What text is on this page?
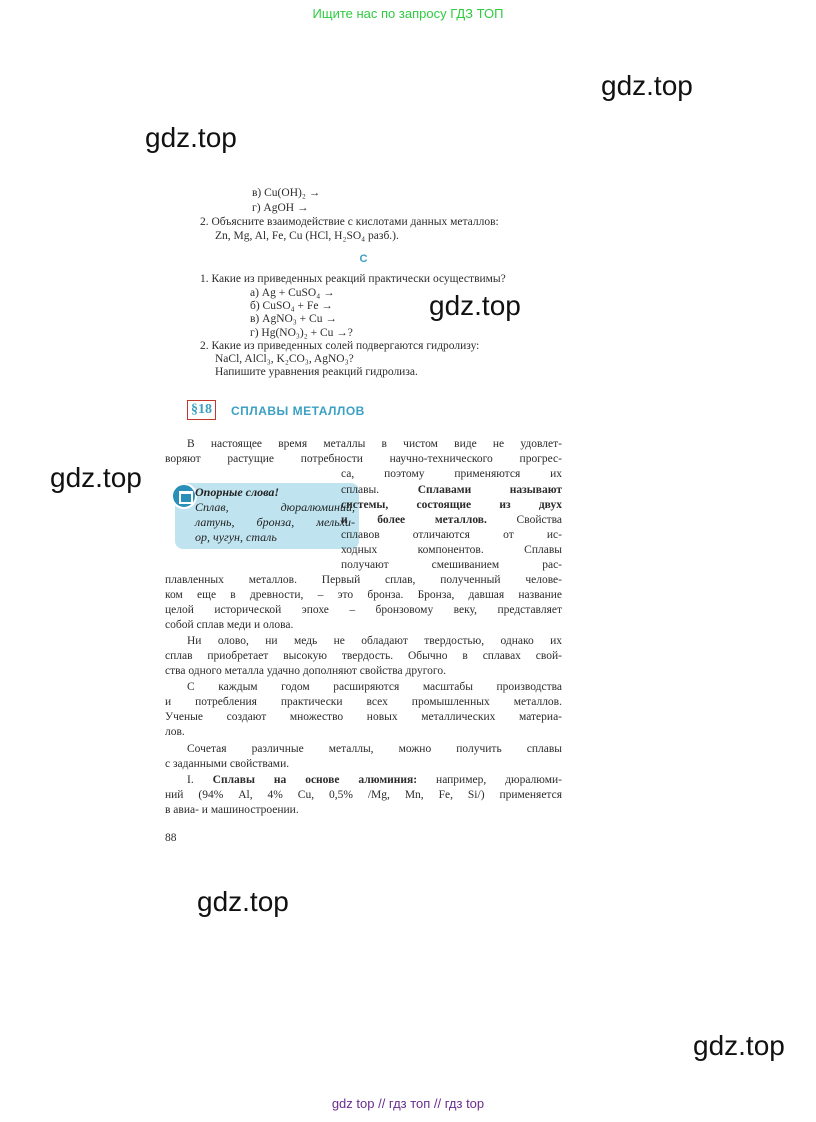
Ищите нас по запросу ГДЗ ТОП
gdz.top
gdz.top
gdz.top
gdz.top
gdz.top
gdz.top
в) Cu(OH)₂ →
г) AgOH →
2. Объясните взаимодействие с кислотами данных металлов:
Zn, Mg, Al, Fe, Cu (HCl, H₂SO₄ разб.).
C
1. Какие из приведенных реакций практически осуществимы?
а) Ag + CuSO₄ →
б) CuSO₄ + Fe →
в) AgNO₃ + Cu →
г) Hg(NO₃)₂ + Cu →?
2. Какие из приведенных солей подвергаются гидролизу:
NaCl, AlCl₃, K₂CO₃, AgNO₃?
Напишите уравнения реакций гидролиза.
§18	СПЛАВЫ МЕТАЛЛОВ
В настоящее время металлы в чистом виде не удовлет-
воряют растущие потребности научно-технического прогрес-
Опорные слова!
Сплав, дюралюминий,
латунь, бронза, мельхи-
ор, чугун, сталь
са, поэтому применяются их
сплавы. Сплавами называют
системы, состоящие из двух
и более металлов. Свойства
сплавов отличаются от ис-
ходных компонентов. Сплавы
получают смешиванием рас-
плавленных металлов. Первый сплав, полученный челове-
ком еще в древности, – это бронза. Бронза, давшая название
целой исторической эпохе – бронзовому веку, представляет
собой сплав меди и олова.
Ни олово, ни медь не обладают твердостью, однако их
сплав приобретает высокую твердость. Обычно в сплавах свой-
ства одного металла удачно дополняют свойства другого.
С каждым годом расширяются масштабы производства
и потребления практически всех промышленных металлов.
Ученые создают множество новых металлических материа-
лов.
Сочетая различные металлы, можно получить сплавы
с заданными свойствами.
I. Сплавы на основе алюминия: например, дюралюми-
ний (94% Al, 4% Cu, 0,5% /Mg, Mn, Fe, Si/) применяется
в авиа- и машиностроении.
88
gdz top // гдз топ // гдз top
